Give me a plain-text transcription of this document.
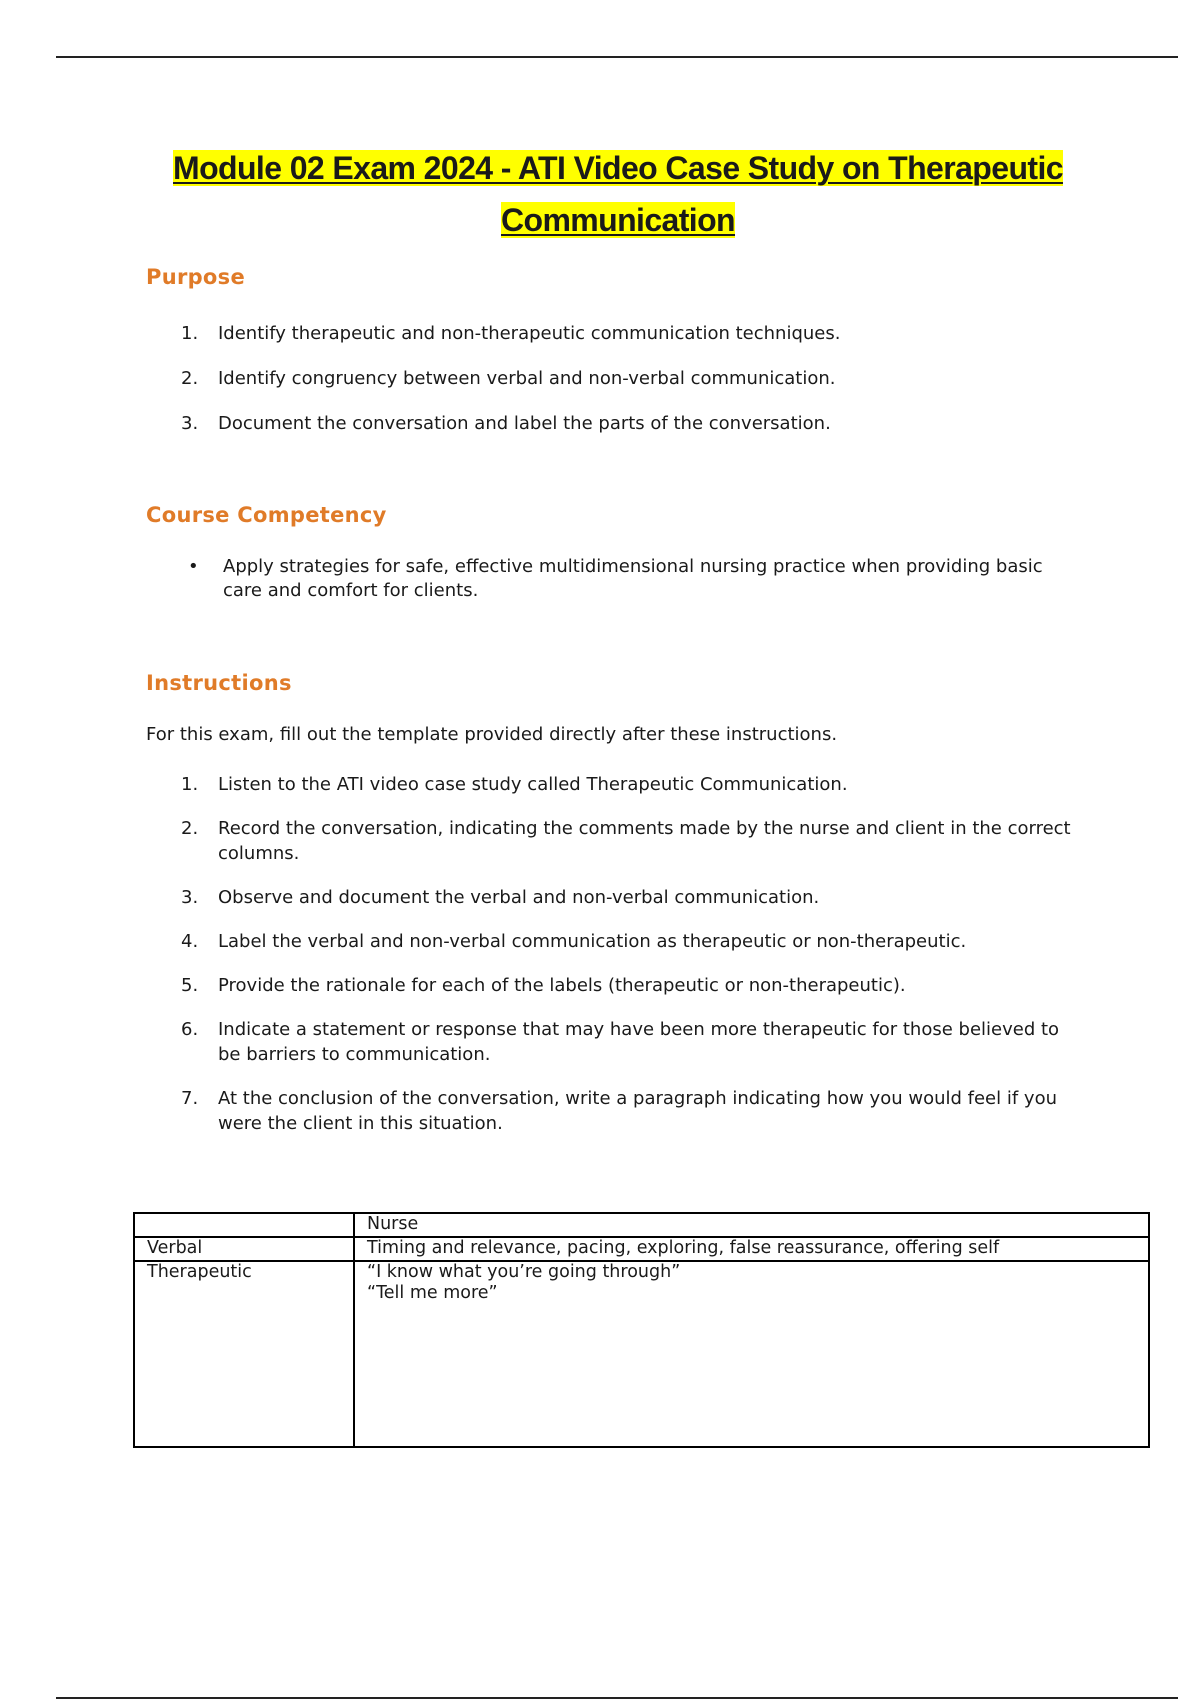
Module 02 Exam 2024 - ATI Video Case Study on Therapeutic
Communication
Purpose
1. Identify therapeutic and non-therapeutic communication techniques.
2. Identify congruency between verbal and non-verbal communication.
3. Document the conversation and label the parts of the conversation.
Course Competency
• Apply strategies for safe, effective multidimensional nursing practice when providing basic care and comfort for clients.
Instructions
For this exam, fill out the template provided directly after these instructions.
1. Listen to the ATI video case study called Therapeutic Communication.
2. Record the conversation, indicating the comments made by the nurse and client in the correct columns.
3. Observe and document the verbal and non-verbal communication.
4. Label the verbal and non-verbal communication as therapeutic or non-therapeutic.
5. Provide the rationale for each of the labels (therapeutic or non-therapeutic).
6. Indicate a statement or response that may have been more therapeutic for those believed to be barriers to communication.
7. At the conclusion of the conversation, write a paragraph indicating how you would feel if you were the client in this situation.

	Nurse

Verbal	Timing and relevance, pacing, exploring, false reassurance, offering self

Therapeutic	“I know what you’re going through”
“Tell me more”
